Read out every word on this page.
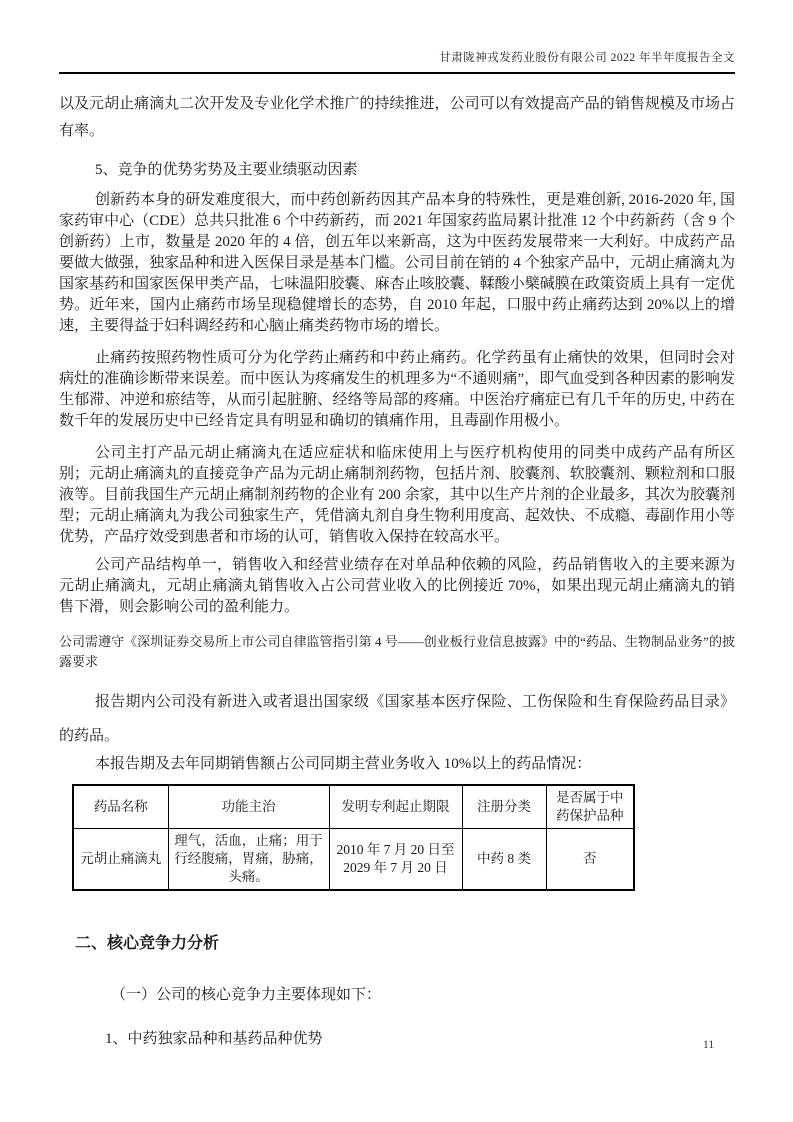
甘肃陇神戎发药业股份有限公司 2022 年半年度报告全文

以及元胡止痛滴丸二次开发及专业化学术推广的持续推进，公司可以有效提高产品的销售规模及市场占有率。

5、竞争的优势劣势及主要业绩驱动因素

创新药本身的研发难度很大，而中药创新药因其产品本身的特殊性，更是难创新, 2016-2020 年, 国家药审中心（CDE）总共只批准 6 个中药新药，而 2021 年国家药监局累计批准 12 个中药新药（含 9 个创新药）上市，数量是 2020 年的 4 倍，创五年以来新高，这为中医药发展带来一大利好。中成药产品要做大做强，独家品种和进入医保目录是基本门槛。公司目前在销的 4 个独家产品中，元胡止痛滴丸为国家基药和国家医保甲类产品，七味温阳胶囊、麻杏止咳胶囊、鞣酸小檗碱膜在政策资质上具有一定优势。近年来，国内止痛药市场呈现稳健增长的态势，自 2010 年起，口服中药止痛药达到 20%以上的增速，主要得益于妇科调经药和心脑止痛类药物市场的增长。

止痛药按照药物性质可分为化学药止痛药和中药止痛药。化学药虽有止痛快的效果，但同时会对病灶的准确诊断带来误差。而中医认为疼痛发生的机理多为“不通则痛”，即气血受到各种因素的影响发生郁滞、冲逆和瘀结等，从而引起脏腑、经络等局部的疼痛。中医治疗痛症已有几千年的历史, 中药在数千年的发展历史中已经肯定具有明显和确切的镇痛作用，且毒副作用极小。

公司主打产品元胡止痛滴丸在适应症状和临床使用上与医疗机构使用的同类中成药产品有所区别；元胡止痛滴丸的直接竞争产品为元胡止痛制剂药物，包括片剂、胶囊剂、软胶囊剂、颗粒剂和口服液等。目前我国生产元胡止痛制剂药物的企业有 200 余家，其中以生产片剂的企业最多，其次为胶囊剂型；元胡止痛滴丸为我公司独家生产，凭借滴丸剂自身生物利用度高、起效快、不成瘾、毒副作用小等优势，产品疗效受到患者和市场的认可，销售收入保持在较高水平。

公司产品结构单一，销售收入和经营业绩存在对单品种依赖的风险，药品销售收入的主要来源为元胡止痛滴丸，元胡止痛滴丸销售收入占公司营业收入的比例接近 70%，如果出现元胡止痛滴丸的销售下滑，则会影响公司的盈利能力。

公司需遵守《深圳证券交易所上市公司自律监管指引第 4 号——创业板行业信息披露》中的“药品、生物制品业务”的披露要求

报告期内公司没有新进入或者退出国家级《国家基本医疗保险、工伤保险和生育保险药品目录》的药品。

本报告期及去年同期销售额占公司同期主营业务收入 10%以上的药品情况：

药品名称	功能主治	发明专利起止期限	注册分类	是否属于中药保护品种
元胡止痛滴丸	理气，活血，止痛；用于行经腹痛，胃痛，胁痛，头痛。	2010 年 7 月 20 日至 2029 年 7 月 20 日	中药 8 类	否
二、核心竞争力分析

（一）公司的核心竞争力主要体现如下：

1、中药独家品种和基药品种优势	11
